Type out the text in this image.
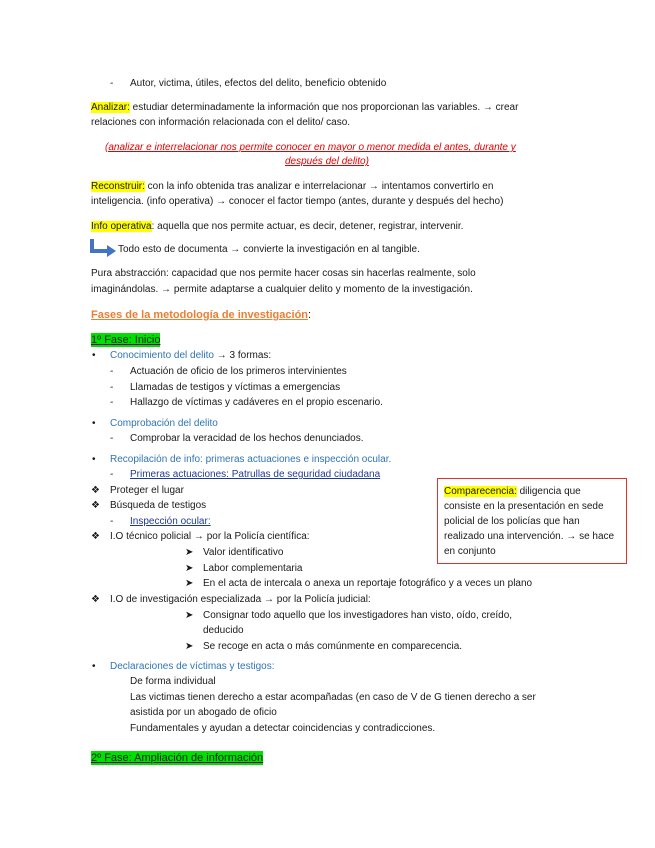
- Autor, victima, útiles, efectos del delito, beneficio obtenido
Analizar: estudiar determinadamente la información que nos proporcionan las variables. → crear
relaciones con información relacionada con el delito/ caso.
(analizar e interrelacionar nos permite conocer en mayor o menor medida el antes, durante y
después del delito)
Reconstruir: con la info obtenida tras analizar e interrelacionar → intentamos convertirlo en
inteligencia. (info operativa) → conocer el factor tiempo (antes, durante y después del hecho)
Info operativa: aquella que nos permite actuar, es decir, detener, registrar, intervenir.
Todo esto de documenta → convierte la investigación en al tangible.
Pura abstracción: capacidad que nos permite hacer cosas sin hacerlas realmente, solo
imaginándolas. → permite adaptarse a cualquier delito y momento de la investigación.
Fases de la metodología de investigación:
1º Fase: Inicio
• Conocimiento del delito → 3 formas:
- Actuación de oficio de los primeros intervinientes
- Llamadas de testigos y víctimas a emergencias
- Hallazgo de víctimas y cadáveres en el propio escenario.
• Comprobación del delito
- Comprobar la veracidad de los hechos denunciados.
• Recopilación de info: primeras actuaciones e inspección ocular.
- Primeras actuaciones: Patrullas de seguridad ciudadana
❖ Proteger el lugar
❖ Búsqueda de testigos
- Inspección ocular:
❖ I.O técnico policial → por la Policía científica:
➤ Valor identificativo
➤ Labor complementaria
➤ En el acta de intercala o anexa un reportaje fotográfico y a veces un plano
❖ I.O de investigación especializada → por la Policía judicial:
➤ Consignar todo aquello que los investigadores han visto, oído, creído,
deducido
➤ Se recoge en acta o más comúnmente en comparecencia.
• Declaraciones de víctimas y testigos:
De forma individual
Las victimas tienen derecho a estar acompañadas (en caso de V de G tienen derecho a ser
asistida por un abogado de oficio
Fundamentales y ayudan a detectar coincidencias y contradicciones.
2º Fase: Ampliación de información
Comparecencia: diligencia que consiste en la presentación en sede policial de los policías que han realizado una intervención. → se hace en conjunto
